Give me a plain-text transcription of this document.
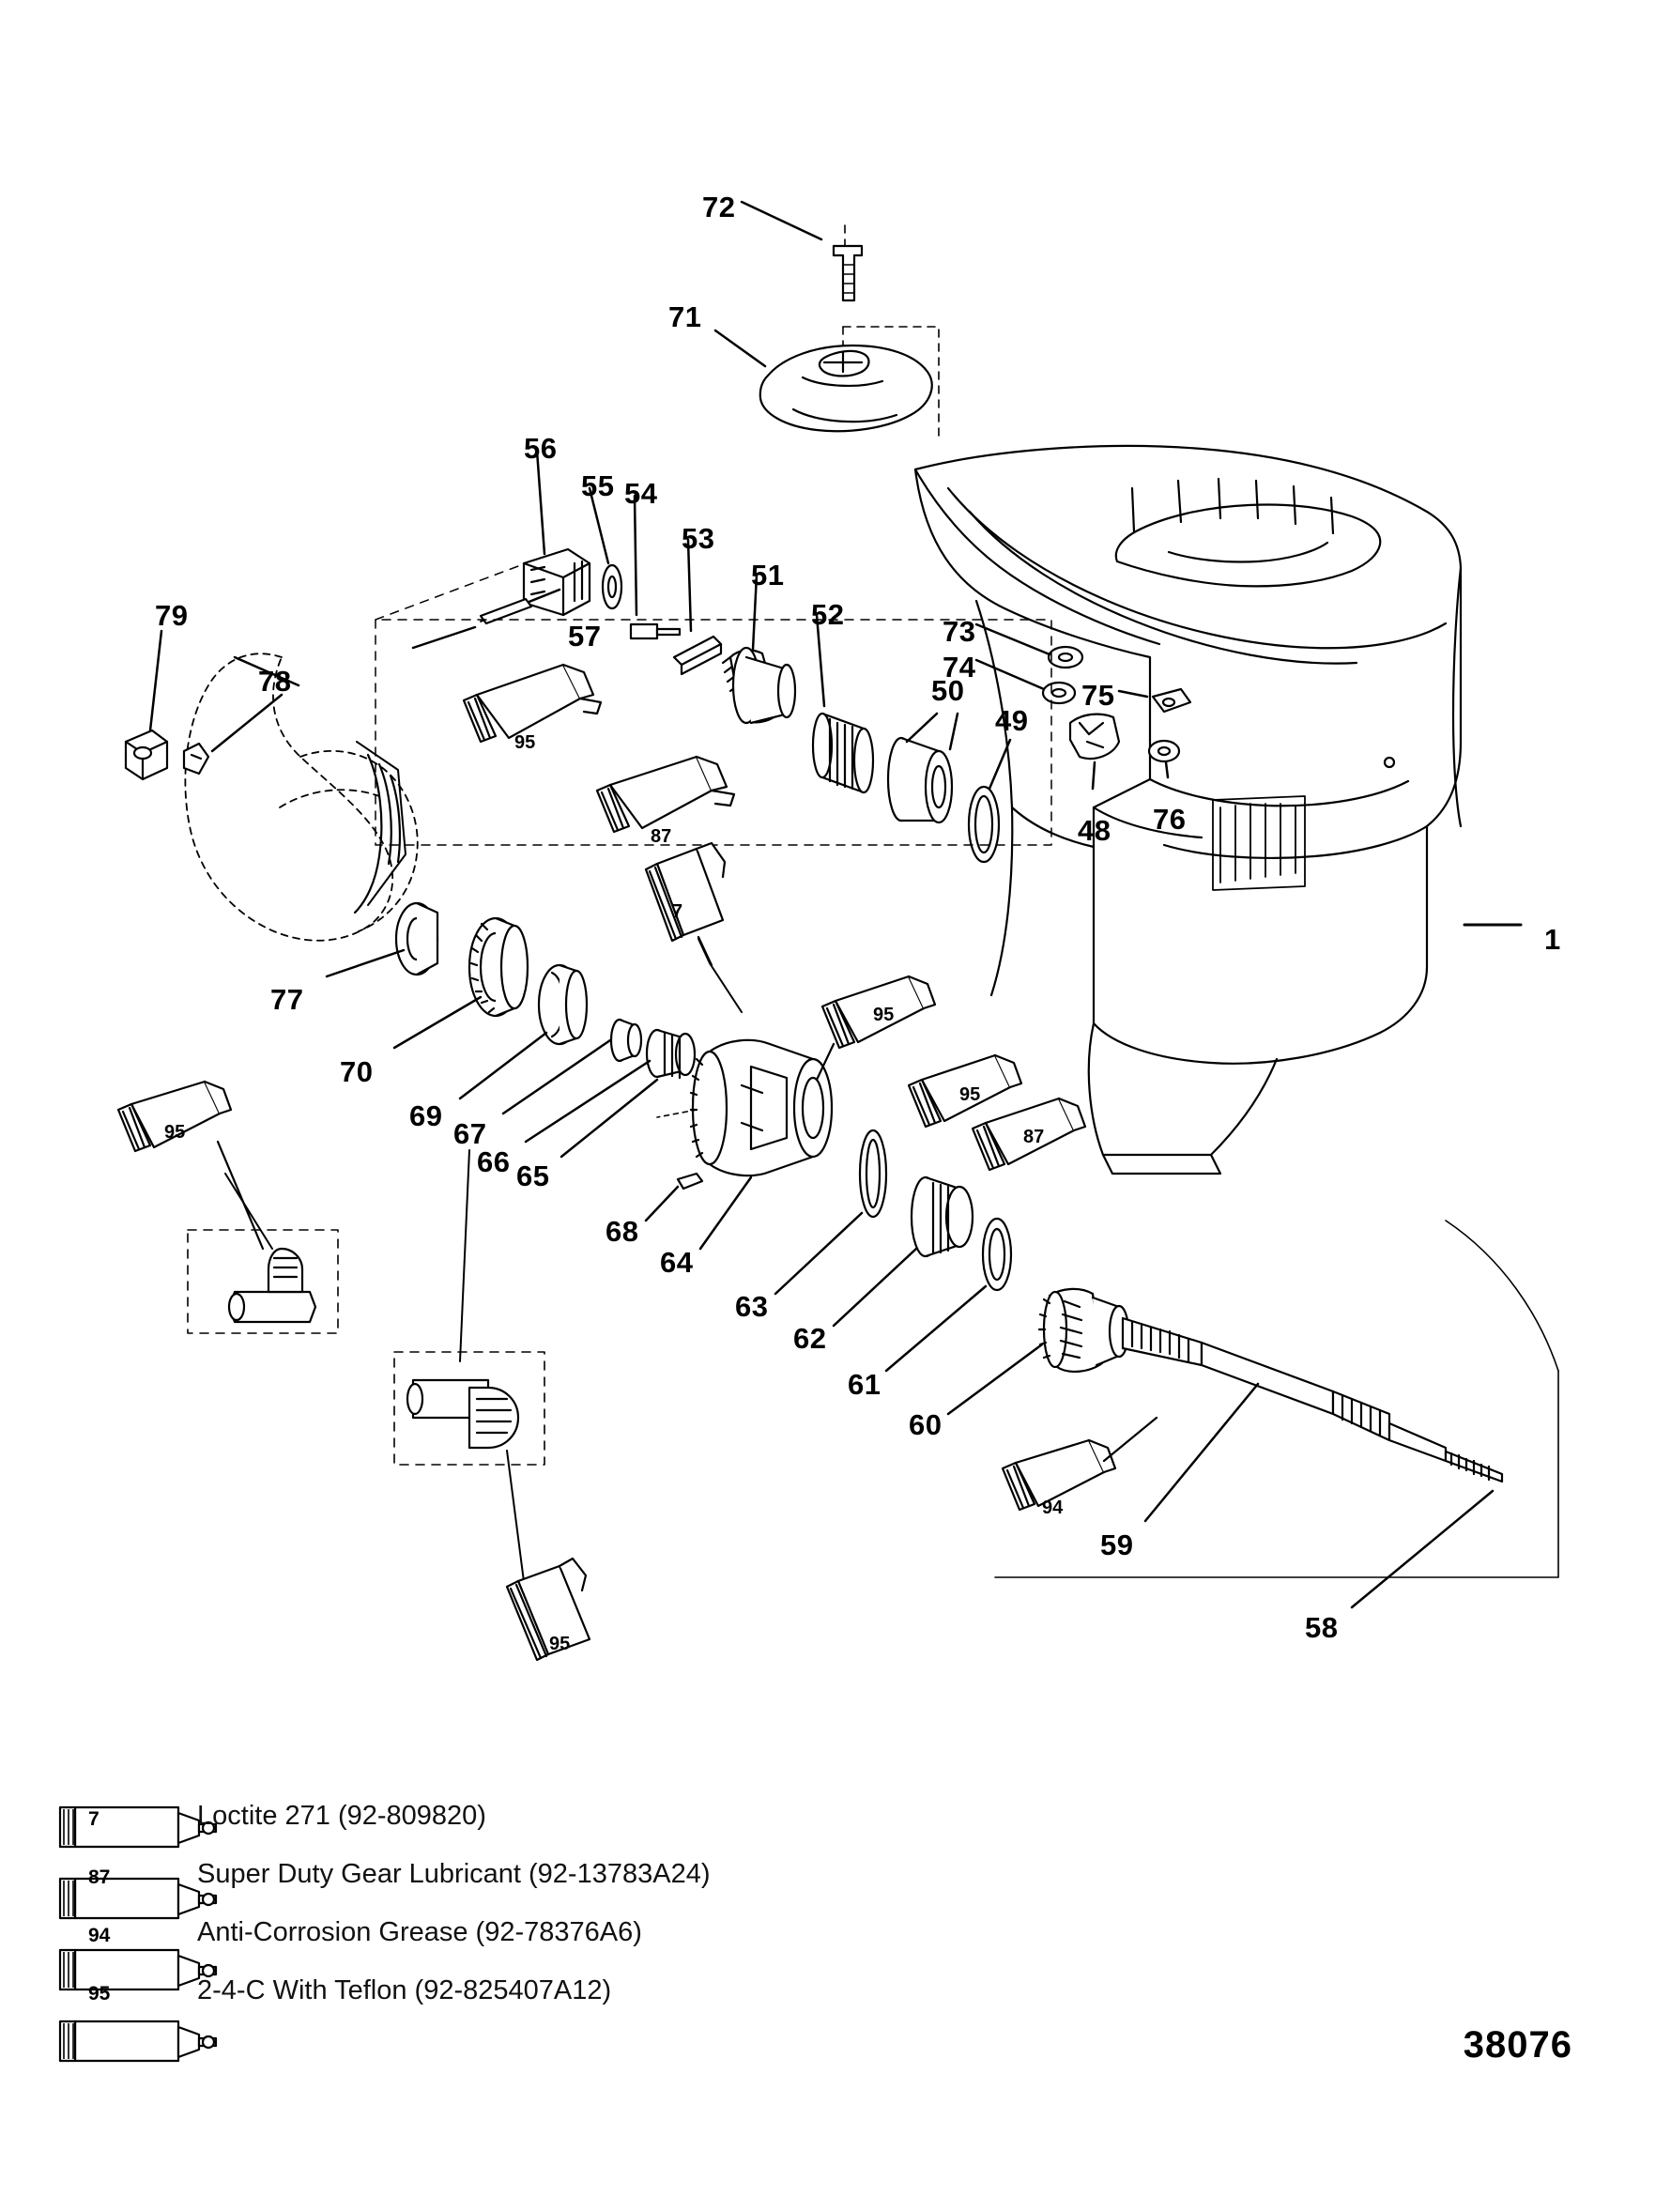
72
71
56
55 54
53
51
52
73
74
75
50
49
48 76
79
78
57
1
77
70
69
67
66 65
68
64
63
62
61
60
59
58
95
87
7
95
95
87
95
95
94
7	Loctite 271 (92-809820)
87	Super Duty Gear Lubricant (92-13783A24)
94	Anti-Corrosion Grease (92-78376A6)
95	2-4-C With Teflon (92-825407A12)
38076
